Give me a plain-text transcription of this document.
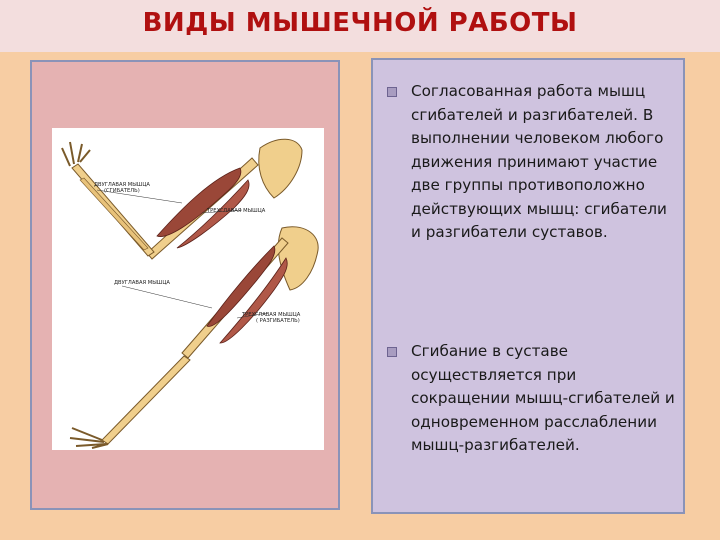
ВИДЫ МЫШЕЧНОЙ РАБОТЫ
ДВУГЛАВАЯ МЫШЦА
(СГИБАТЕЛЬ)
ТРЕХГЛАВАЯ МЫШЦА
ДВУГЛАВАЯ МЫШЦА
ТРЕХГЛАВАЯ МЫШЦА
( РАЗГИБАТЕЛЬ)
Согласованная работа мышц сгибателей и разгибателей. В выполнении человеком любого движения принимают участие две группы противоположно действующих мышц: сгибатели и разгибатели суставов.
Сгибание в суставе осуществляется при сокращении мышц-сгибателей и одновременном расслаблении мышц-разгибателей.
